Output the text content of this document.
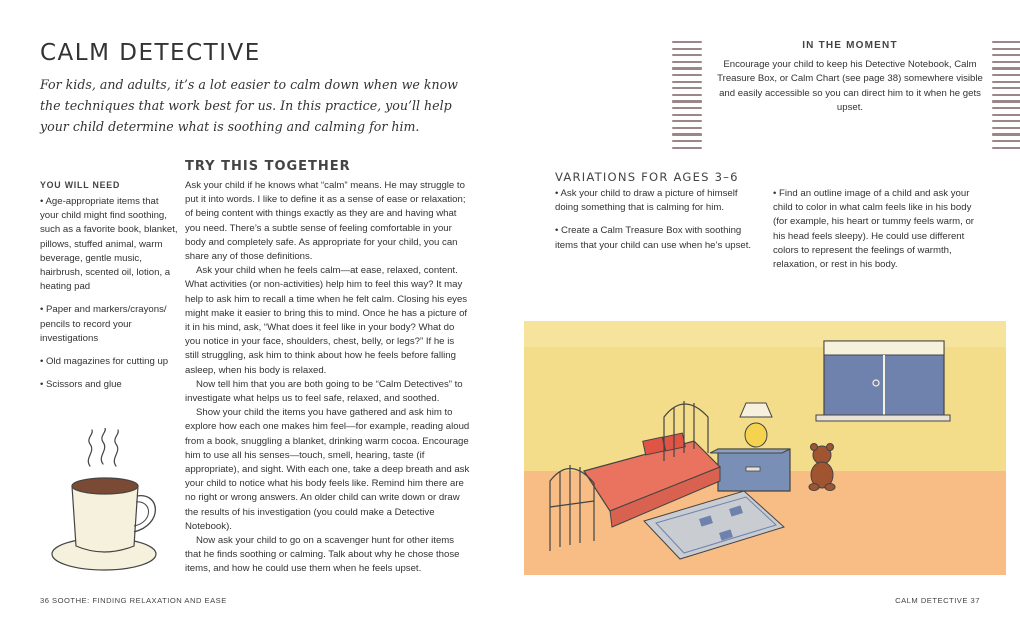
CALM DETECTIVE
For kids, and adults, it’s a lot easier to calm down when we know the techniques that work best for us. In this practice, you’ll help your child determine what is soothing and calming for him.
YOU WILL NEED
• Age-appropriate items that your child might find soothing, such as a favorite book, blanket, pillows, stuffed animal, warm beverage, gentle music, hairbrush, scented oil, lotion, a heating pad
• Paper and markers/crayons/ pencils to record your investigations
• Old magazines for cutting up
• Scissors and glue
TRY THIS TOGETHER

Ask your child if he knows what “calm” means. He may struggle to put it into words. I like to define it as a sense of ease or relaxation; of being content with things exactly as they are and having what you need. There’s a subtle sense of feeling comfortable in your body and completely safe. As appropriate for your child, you can share any of those definitions.

Ask your child when he feels calm—at ease, relaxed, content. What activities (or non-activities) help him to feel this way? It may help to ask him to recall a time when he felt calm. Closing his eyes might make it easier to bring this to mind. Once he has a picture of it in his mind, ask, “What does it feel like in your body? What do you notice in your face, shoulders, chest, belly, or legs?” If he is still struggling, ask him to think about how he feels before falling asleep, when his body is relaxed.

Now tell him that you are both going to be “Calm Detectives” to investigate what helps us to feel safe, relaxed, and soothed.

Show your child the items you have gathered and ask him to explore how each one makes him feel—for example, reading aloud from a book, snuggling a blanket, drinking warm cocoa. Encourage him to use all his senses—touch, smell, hearing, taste (if appropriate), and sight. With each one, take a deep breath and ask your child to notice what his body feels like. Remind him there are no right or wrong answers. An older child can write down or draw the results of his investigation (you could make a Detective Notebook).

Now ask your child to go on a scavenger hunt for other items that he finds soothing or calming. Talk about why he chose those items, and how he could use them when he feels upset.

36 SOOTHE: FINDING RELAXATION AND EASE
IN THE MOMENT
Encourage your child to keep his Detective Notebook, Calm Treasure Box, or Calm Chart (see page 38) somewhere visible and easily accessible so you can direct him to it when he gets upset.
VARIATIONS FOR AGES 3–6

• Ask your child to draw a picture of himself doing something that is calming for him.

• Create a Calm Treasure Box with soothing items that your child can use when he’s upset.

• Find an outline image of a child and ask your child to color in what calm feels like in his body (for example, his heart or tummy feels warm, or his head feels sleepy). He could use different colors to represent the feelings of warmth, relaxation, or rest in his body.

CALM DETECTIVE 37
